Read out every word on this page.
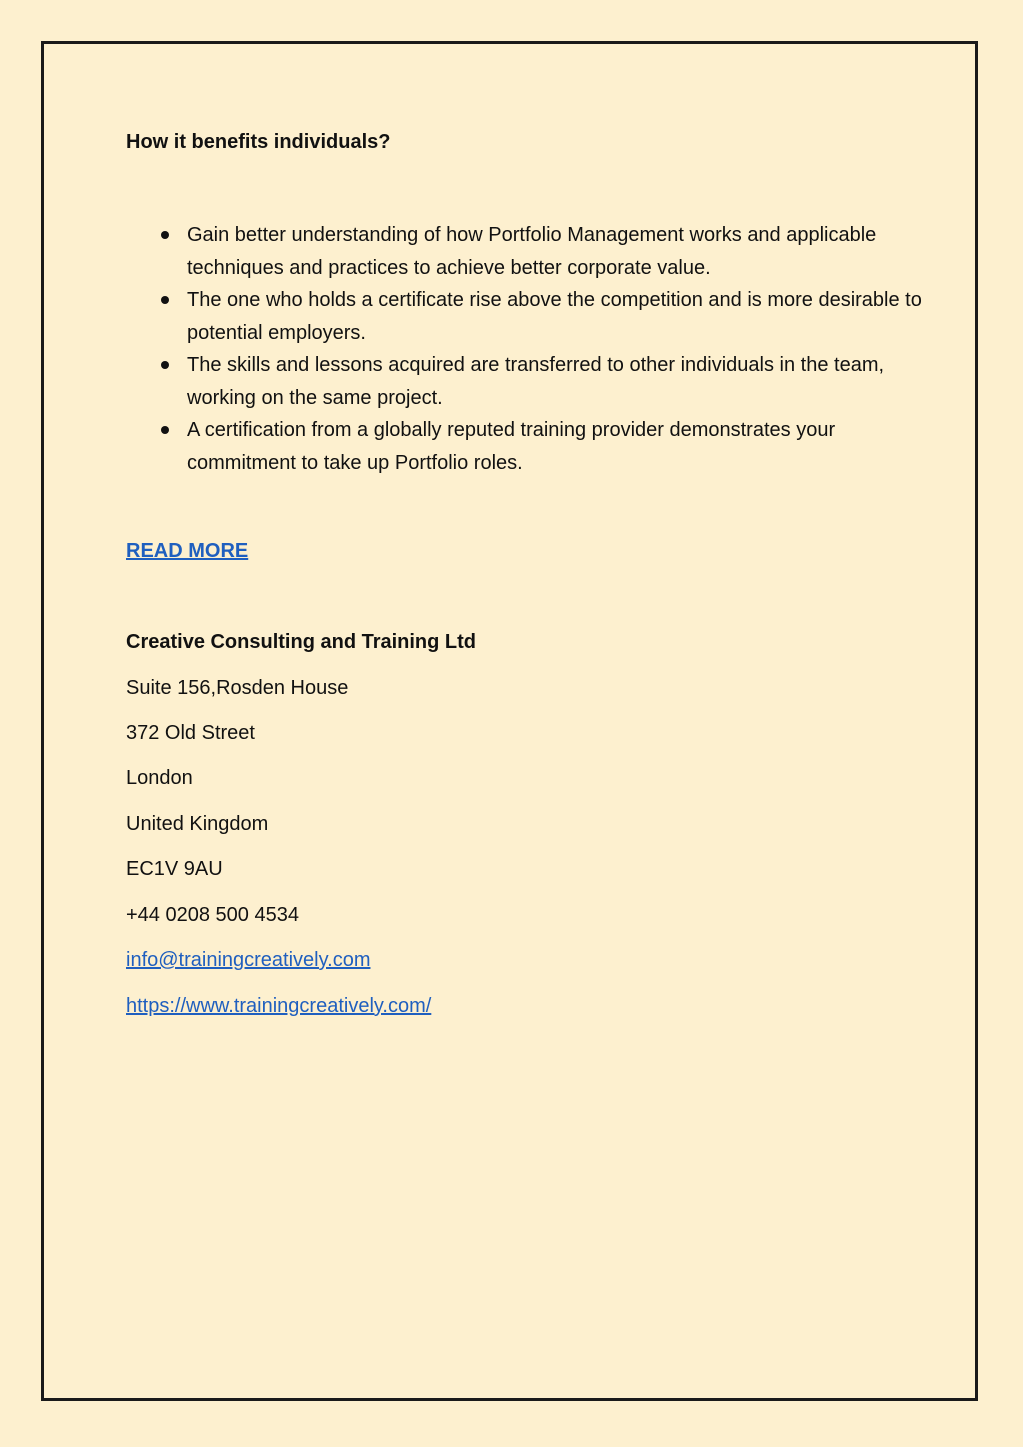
How it benefits individuals?
Gain better understanding of how Portfolio Management works and applicable techniques and practices to achieve better corporate value.
The one who holds a certificate rise above the competition and is more desirable to potential employers.
The skills and lessons acquired are transferred to other individuals in the team, working on the same project.
A certification from a globally reputed training provider demonstrates your commitment to take up Portfolio roles.
READ MORE
Creative Consulting and Training Ltd
Suite 156,Rosden House
372 Old Street
London
United Kingdom
EC1V 9AU
+44 0208 500 4534
info@trainingcreatively.com
https://www.trainingcreatively.com/
